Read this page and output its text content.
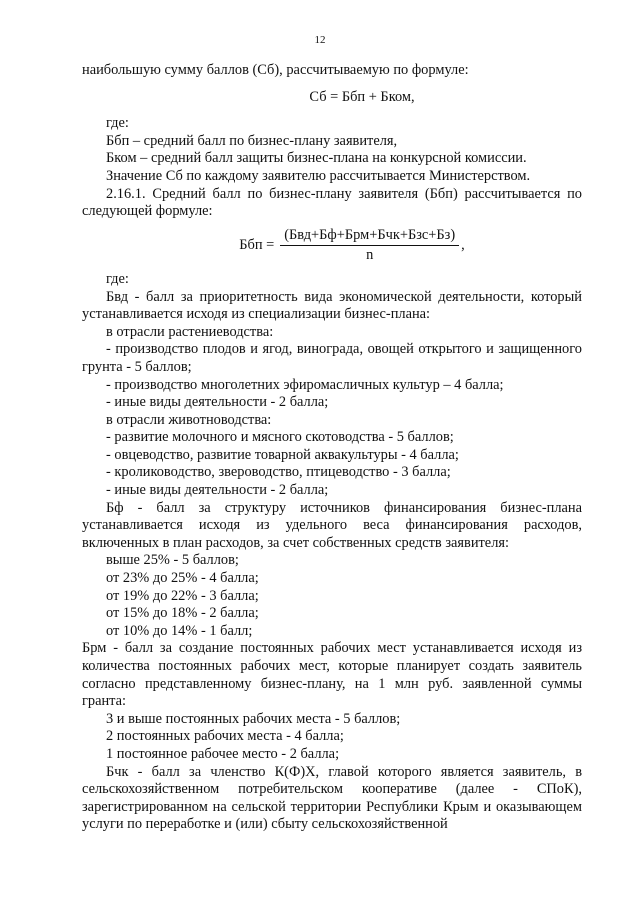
12
наибольшую сумму баллов (Сб), рассчитываемую по формуле:
Сб = Ббп + Бком,
где:
Ббп – средний балл по бизнес-плану заявителя,
Бком – средний балл защиты бизнес-плана на конкурсной комиссии.
Значение Сб по каждому заявителю рассчитывается Министерством.
2.16.1. Средний балл по бизнес-плану заявителя (Ббп) рассчитывается по следующей формуле:
Ббп = $\frac{\text{(Бвд+Бф+Брм+Бчк+Бзс+Бз)}}{n}$ ,
где:
Бвд - балл за приоритетность вида экономической деятельности, который устанавливается исходя из специализации бизнес-плана:
в отрасли растениеводства:
- производство плодов и ягод, винограда, овощей открытого и защищенного грунта - 5 баллов;
- производство многолетних эфиромасличных культур – 4 балла;
- иные виды деятельности - 2 балла;
в отрасли животноводства:
- развитие молочного и мясного скотоводства - 5 баллов;
- овцеводство, развитие товарной аквакультуры - 4 балла;
- кролиководство, звероводство, птицеводство - 3 балла;
- иные виды деятельности - 2 балла;
Бф - балл за структуру источников финансирования бизнес-плана устанавливается исходя из удельного веса финансирования расходов, включенных в план расходов, за счет собственных средств заявителя:
выше 25% - 5 баллов;
от 23% до 25% - 4 балла;
от 19% до 22% - 3 балла;
от 15% до 18% - 2 балла;
от 10% до 14% - 1 балл;
Брм - балл за создание постоянных рабочих мест устанавливается исходя из количества постоянных рабочих мест, которые планирует создать заявитель согласно представленному бизнес-плану, на 1 млн руб. заявленной суммы гранта:
3 и выше постоянных рабочих места - 5 баллов;
2 постоянных рабочих места - 4 балла;
1 постоянное рабочее место - 2 балла;
Бчк - балл за членство К(Ф)Х, главой которого является заявитель, в сельскохозяйственном потребительском кооперативе (далее - СПоК), зарегистрированном на сельской территории Республики Крым и оказывающем услуги по переработке и (или) сбыту сельскохозяйственной
